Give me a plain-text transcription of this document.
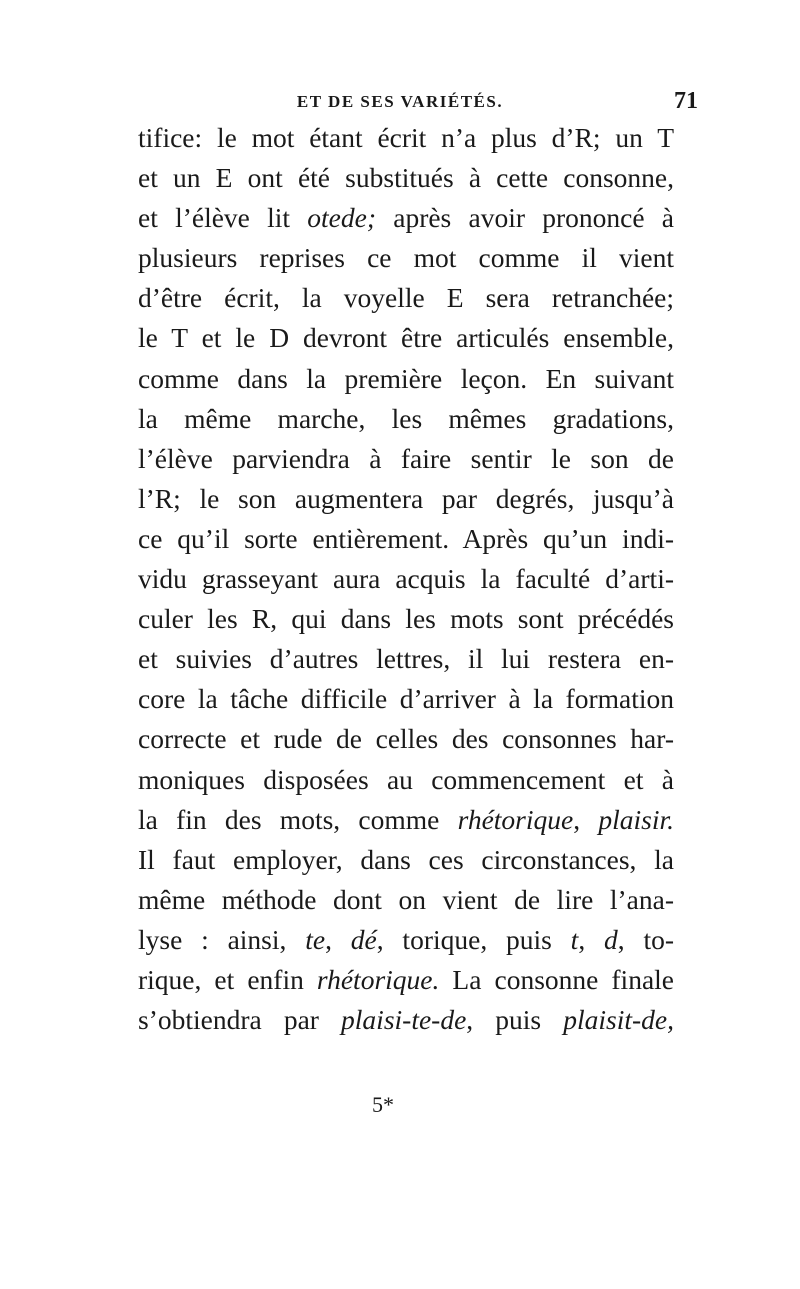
ET DE SES VARIÉTÉS.	71
tifice: le mot étant écrit n’a plus d’R; un T
et un E ont été substitués à cette consonne,
et l’élève lit otede; après avoir prononcé à
plusieurs reprises ce mot comme il vient
d’être écrit, la voyelle E sera retranchée;
le T et le D devront être articulés ensemble,
comme dans la première leçon. En suivant
la même marche, les mêmes gradations,
l’élève parviendra à faire sentir le son de
l’R; le son augmentera par degrés, jusqu’à
ce qu’il sorte entièrement. Après qu’un indi-
vidu grasseyant aura acquis la faculté d’arti-
culer les R, qui dans les mots sont précédés
et suivies d’autres lettres, il lui restera en-
core la tâche difficile d’arriver à la formation
correcte et rude de celles des consonnes har-
moniques disposées au commencement et à
la fin des mots, comme rhétorique, plaisir.
Il faut employer, dans ces circonstances, la
même méthode dont on vient de lire l’ana-
lyse : ainsi, te, dé, torique, puis t, d, to-
rique, et enfin rhétorique. La consonne finale
s’obtiendra par plaisi-te-de, puis plaisit-de,
5*
